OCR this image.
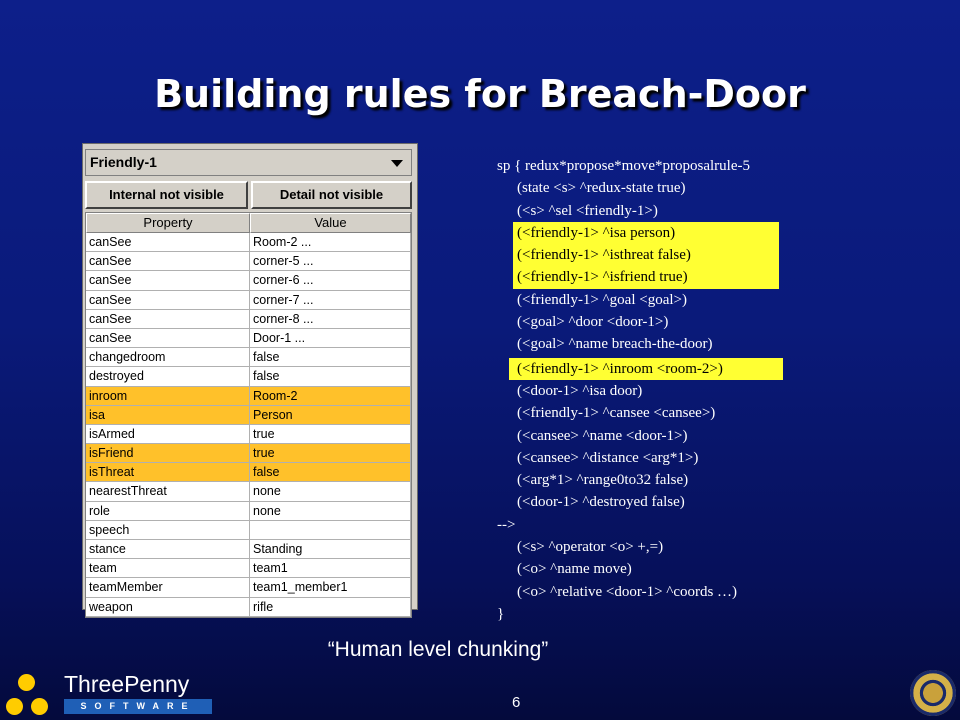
Building rules for Breach-Door
Friendly-1
Internal not visible	Detail not visible
Property	Value
canSee	Room-2 ...
canSee	corner-5 ...
canSee	corner-6 ...
canSee	corner-7 ...
canSee	corner-8 ...
canSee	Door-1 ...
changedroom	false
destroyed	false
inroom	Room-2
isa	Person
isArmed	true
isFriend	true
isThreat	false
nearestThreat	none
role	none
speech
stance	Standing
team	team1
teamMember	team1_member1
weapon	rifle
sp { redux*propose*move*proposalrule-5
(state <s> ^redux-state true)
(<s> ^sel <friendly-1>)
(<friendly-1> ^isa person)
(<friendly-1> ^isthreat false)
(<friendly-1> ^isfriend true)
(<friendly-1> ^goal <goal>)
(<goal> ^door <door-1>)
(<goal> ^name breach-the-door)
(<friendly-1> ^inroom <room-2>)
(<door-1> ^isa door)
(<friendly-1> ^cansee <cansee>)
(<cansee> ^name <door-1>)
(<cansee> ^distance <arg*1>)
(<arg*1> ^range0to32 false)
(<door-1> ^destroyed false)
-->
(<s> ^operator <o> +,=)
(<o> ^name move)
(<o> ^relative <door-1> ^coords …)
}
“Human level chunking”
ThreePenny
SOFTWARE	6
